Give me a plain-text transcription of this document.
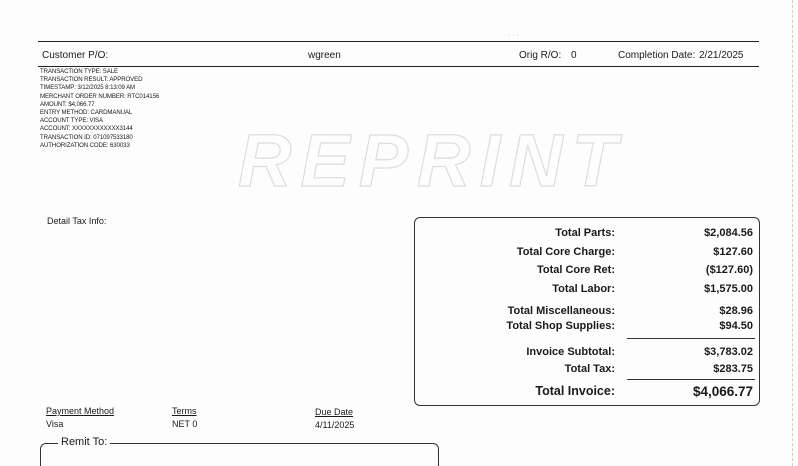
· · ·
Customer P/O:	wgreen	Orig R/O: 0	Completion Date: 2/21/2025
TRANSACTION TYPE: SALE
TRANSACTION RESULT: APPROVED
TIMESTAMP: 3/12/2025 8:13:09 AM
MERCHANT ORDER NUMBER: RTC014156
AMOUNT: $4,066.77
ENTRY METHOD: CARDMANUAL
ACCOUNT TYPE: VISA
ACCOUNT: XXXXXXXXXXXX3144
TRANSACTION ID: 071097533180
AUTHORIZATION CODE: 630033	REPRINT
Detail Tax Info:
Total Parts:	$2,084.56
Total Core Charge:	$127.60
Total Core Ret:	($127.60)
Total Labor:	$1,575.00
Total Miscellaneous:	$28.96
Total Shop Supplies:	$94.50
Invoice Subtotal:	$3,783.02
Total Tax:	$283.75
Total Invoice:	$4,066.77
Payment Method
Visa
Terms
NET 0
Due Date
4/11/2025
Remit To:
